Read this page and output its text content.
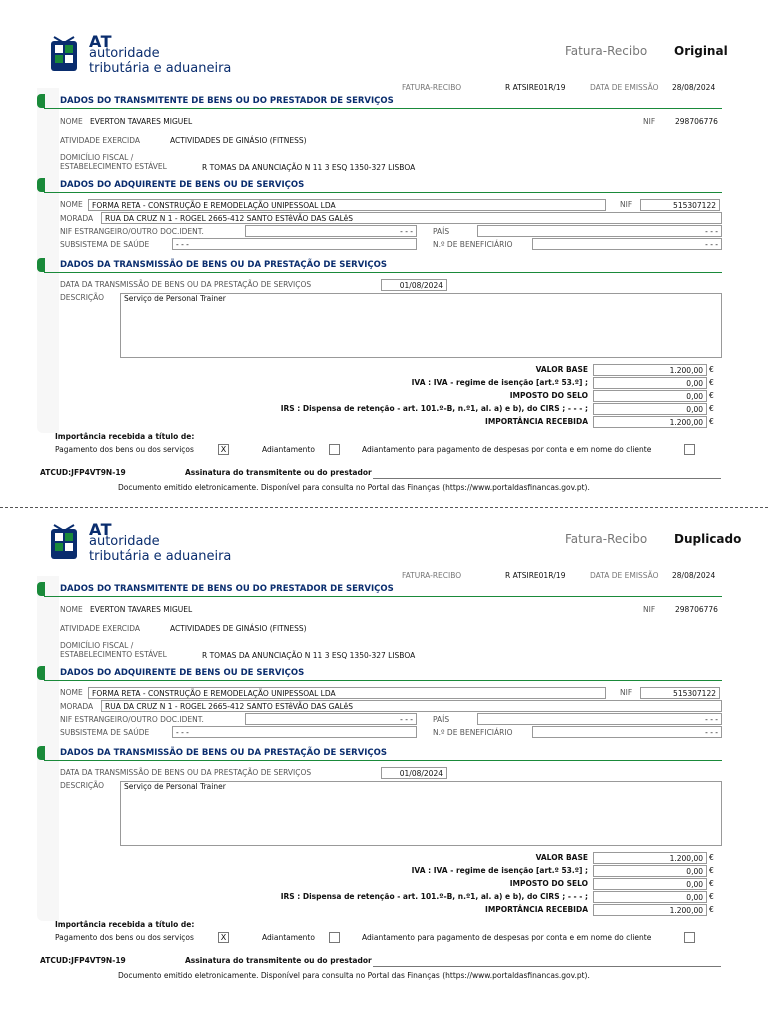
AT
autoridade
tributária e aduaneira
Fatura-Recibo Original
FATURA-RECIBO	R ATSIRE01R/19	DATA DE EMISSÃO 28/08/2024
DADOS DO TRANSMITENTE DE BENS OU DO PRESTADOR DE SERVIÇOS
NOME EVERTON TAVARES MIGUEL	NIF	298706776
ATIVIDADE EXERCIDA	ACTIVIDADES DE GINÁSIO (FITNESS)
DOMICÍLIO FISCAL /
ESTABELECIMENTO ESTÁVEL	R TOMAS DA ANUNCIAÇÃO N 11 3 ESQ 1350-327 LISBOA
DADOS DO ADQUIRENTE DE BENS OU DE SERVIÇOS
NOME	FORMA RETA - CONSTRUÇÃO E REMODELAÇÃO UNIPESSOAL LDA	NIF	515307122
MORADA	RUA DA CRUZ N 1 - ROGEL 2665-412 SANTO ESTêVÃO DAS GALêS
NIF ESTRANGEIRO/OUTRO DOC.IDENT.	- - -	PAÍS	- - -
SUBSISTEMA DE SAÚDE	- - -	N.º DE BENEFICIÁRIO	- - -
DADOS DA TRANSMISSÃO DE BENS OU DA PRESTAÇÃO DE SERVIÇOS
DATA DA TRANSMISSÃO DE BENS OU DA PRESTAÇÃO DE SERVIÇOS	01/08/2024
DESCRIÇÃO	Serviço de Personal Trainer
VALOR BASE	1.200,00 €
IVA : IVA - regime de isenção [art.º 53.º] ;	0,00 €
IMPOSTO DO SELO	0,00 €
IRS : Dispensa de retenção - art. 101.º-B, n.º1, al. a) e b), do CIRS ; - - - ;	0,00 €
IMPORTÂNCIA RECEBIDA	1.200,00 €
Importância recebida a título de:
Pagamento dos bens ou dos serviços	X	Adiantamento	Adiantamento para pagamento de despesas por conta e em nome do cliente
ATCUD:JFP4VT9N-19	Assinatura do transmitente ou do prestador
Documento emitido eletronicamente. Disponível para consulta no Portal das Finanças (https://www.portaldasfinancas.gov.pt).
AT
autoridade
tributária e aduaneira
Fatura-Recibo Duplicado
FATURA-RECIBO	R ATSIRE01R/19	DATA DE EMISSÃO 28/08/2024
DADOS DO TRANSMITENTE DE BENS OU DO PRESTADOR DE SERVIÇOS
NOME EVERTON TAVARES MIGUEL	NIF	298706776
ATIVIDADE EXERCIDA	ACTIVIDADES DE GINÁSIO (FITNESS)
DOMICÍLIO FISCAL /
ESTABELECIMENTO ESTÁVEL	R TOMAS DA ANUNCIAÇÃO N 11 3 ESQ 1350-327 LISBOA
DADOS DO ADQUIRENTE DE BENS OU DE SERVIÇOS
NOME	FORMA RETA - CONSTRUÇÃO E REMODELAÇÃO UNIPESSOAL LDA	NIF	515307122
MORADA	RUA DA CRUZ N 1 - ROGEL 2665-412 SANTO ESTêVÃO DAS GALêS
NIF ESTRANGEIRO/OUTRO DOC.IDENT.	- - -	PAÍS	- - -
SUBSISTEMA DE SAÚDE	- - -	N.º DE BENEFICIÁRIO	- - -
DADOS DA TRANSMISSÃO DE BENS OU DA PRESTAÇÃO DE SERVIÇOS
DATA DA TRANSMISSÃO DE BENS OU DA PRESTAÇÃO DE SERVIÇOS	01/08/2024
DESCRIÇÃO	Serviço de Personal Trainer
VALOR BASE	1.200,00 €
IVA : IVA - regime de isenção [art.º 53.º] ;	0,00 €
IMPOSTO DO SELO	0,00 €
IRS : Dispensa de retenção - art. 101.º-B, n.º1, al. a) e b), do CIRS ; - - - ;	0,00 €
IMPORTÂNCIA RECEBIDA	1.200,00 €
Importância recebida a título de:
Pagamento dos bens ou dos serviços	X	Adiantamento	Adiantamento para pagamento de despesas por conta e em nome do cliente
ATCUD:JFP4VT9N-19	Assinatura do transmitente ou do prestador
Documento emitido eletronicamente. Disponível para consulta no Portal das Finanças (https://www.portaldasfinancas.gov.pt).
